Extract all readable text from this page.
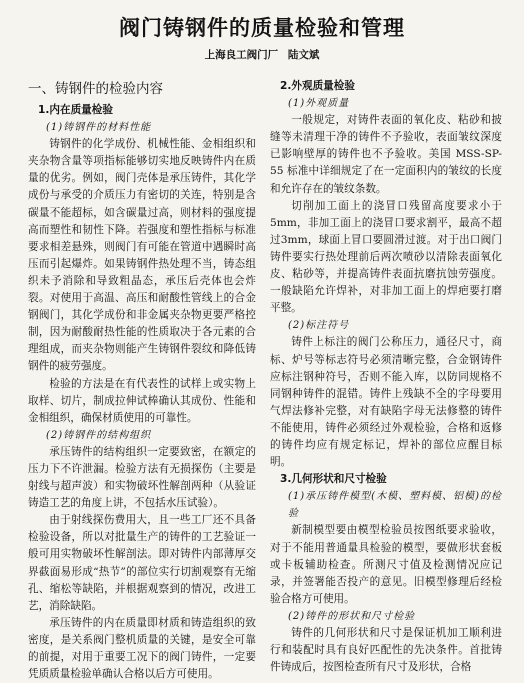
阀门铸钢件的质量检验和管理
上海良工阀门厂 陆文斌
一、铸钢件的检验内容
1.内在质量检验
(1)铸钢件的材料性能

铸钢件的化学成份、机械性能、金相组织和夹杂物含量等项指标能够切实地反映铸件内在质量的优劣。例如，阀门壳体是承压铸件，其化学成份与承受的介质压力有密切的关连，特别是含碳量不能超标，如含碳量过高，则材料的强度提高而塑性和韧性下降。若强度和塑性指标与标准要求相差悬殊，则阀门有可能在管道中遇瞬时高压而引起爆炸。如果铸钢件热处理不当，铸态组织未予消除和导致粗晶态，承压后壳体也会炸裂。对使用于高温、高压和耐酸性管线上的合金钢阀门，其化学成份和非金属夹杂物更要严格控制，因为耐酸耐热性能的性质取决于各元素的合理组成，而夹杂物则能产生铸钢件裂纹和降低铸钢件的疲劳强度。

检验的方法是在有代表性的试样上或实物上取样、切片，制成拉伸试棒确认其成份、性能和金相组织，确保材质使用的可靠性。

(2)铸钢件的结构组织

承压铸件的结构组织一定要致密，在额定的压力下不许泄漏。检验方法有无损探伤（主要是射线与超声波）和实物破坏性解剖两种（从验证铸造工艺的角度上讲，不包括水压试验）。

由于射线探伤费用大，且一些工厂还不具备检验设备，所以对批量生产的铸件的工艺验证一般可用实物破坏性解剖法。即对铸件内部薄厚交界截面易形成“热节”的部位实行切割观察有无缩孔、缩松等缺陷，并根据观察到的情况，改进工艺，消除缺陷。

承压铸件的内在质量即材质和铸造组织的致密度，是关系阀门整机质量的关键，是安全可靠的前提，对用于重要工况下的阀门铸件，一定要凭质质量检验单确认合格以后方可使用。

2.外观质量检验
(1)外观质量

一般规定，对铸件表面的氧化皮、粘砂和披缝等未清理干净的铸件不予验收，表面皱纹深度已影响壁厚的铸件也不予验收。美国 MSS-SP-55 标准中详细规定了在一定面积内的皱纹的长度和允许存在的皱纹条数。

切削加工面上的浇冒口残留高度要求小于5mm，非加工面上的浇冒口要求割平，最高不超过3mm，球面上冒口要圆滑过渡。对于出口阀门铸件要实行热处理前后两次喷砂以清除表面氧化皮、粘砂等，并提高铸件表面抗磨抗蚀劳强度。一般缺陷允许焊补，对非加工面上的焊疤要打磨平整。

(2)标注符号

铸件上标注的阀门公称压力，通径尺寸，商标、炉号等标志符号必须清晰完整，合金钢铸件应标注钢种符号，否则不能入库，以防同规格不同钢种铸件的混错。铸件上残缺不全的字母要用气焊法修补完整，对有缺陷字母无法修整的铸件不能使用，铸件必须经过外观检验，合格和返修的铸件均应有规定标记，焊补的部位应醒目标明。

3.几何形状和尺寸检验
(1)承压铸件模型(木模、塑料模、铝模)的检验

新制模型要由模型检验员按图纸要求验收，对于不能用普通量具检验的模型，要做形状套板或卡板辅助检查。所测尺寸值及检测情况应记录，并签署能否投产的意见。旧模型修理后经检验合格方可使用。

(2)铸件的形状和尺寸检验

铸件的几何形状和尺寸是保证机加工顺利进行和装配时具有良好匹配性的先决条件。首批铸件铸成后，按图检查所有尺寸及形状，合格
